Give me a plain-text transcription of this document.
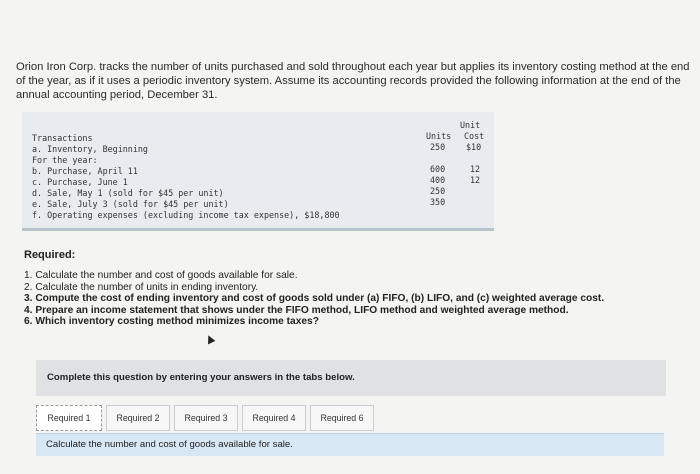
Orion Iron Corp. tracks the number of units purchased and sold throughout each year but applies its inventory costing method at the end of the year, as if it uses a periodic inventory system. Assume its accounting records provided the following information at the end of the annual accounting period, December 31.
Unit
Transactions	Units Cost
a. Inventory, Beginning	250 $10
For the year:
b. Purchase, April 11	600	12
c. Purchase, June 1	400	12
d. Sale, May 1 (sold for $45 per unit)	250
e. Sale, July 3 (sold for $45 per unit)	350
f. Operating expenses (excluding income tax expense), $18,800
Required:
1. Calculate the number and cost of goods available for sale.
2. Calculate the number of units in ending inventory.
3. Compute the cost of ending inventory and cost of goods sold under (a) FIFO, (b) LIFO, and (c) weighted average cost.
4. Prepare an income statement that shows under the FIFO method, LIFO method and weighted average method.
6. Which inventory costing method minimizes income taxes?
Complete this question by entering your answers in the tabs below.
Required 1	Required 2	Required 3	Required 4	Required 6
Calculate the number and cost of goods available for sale.
